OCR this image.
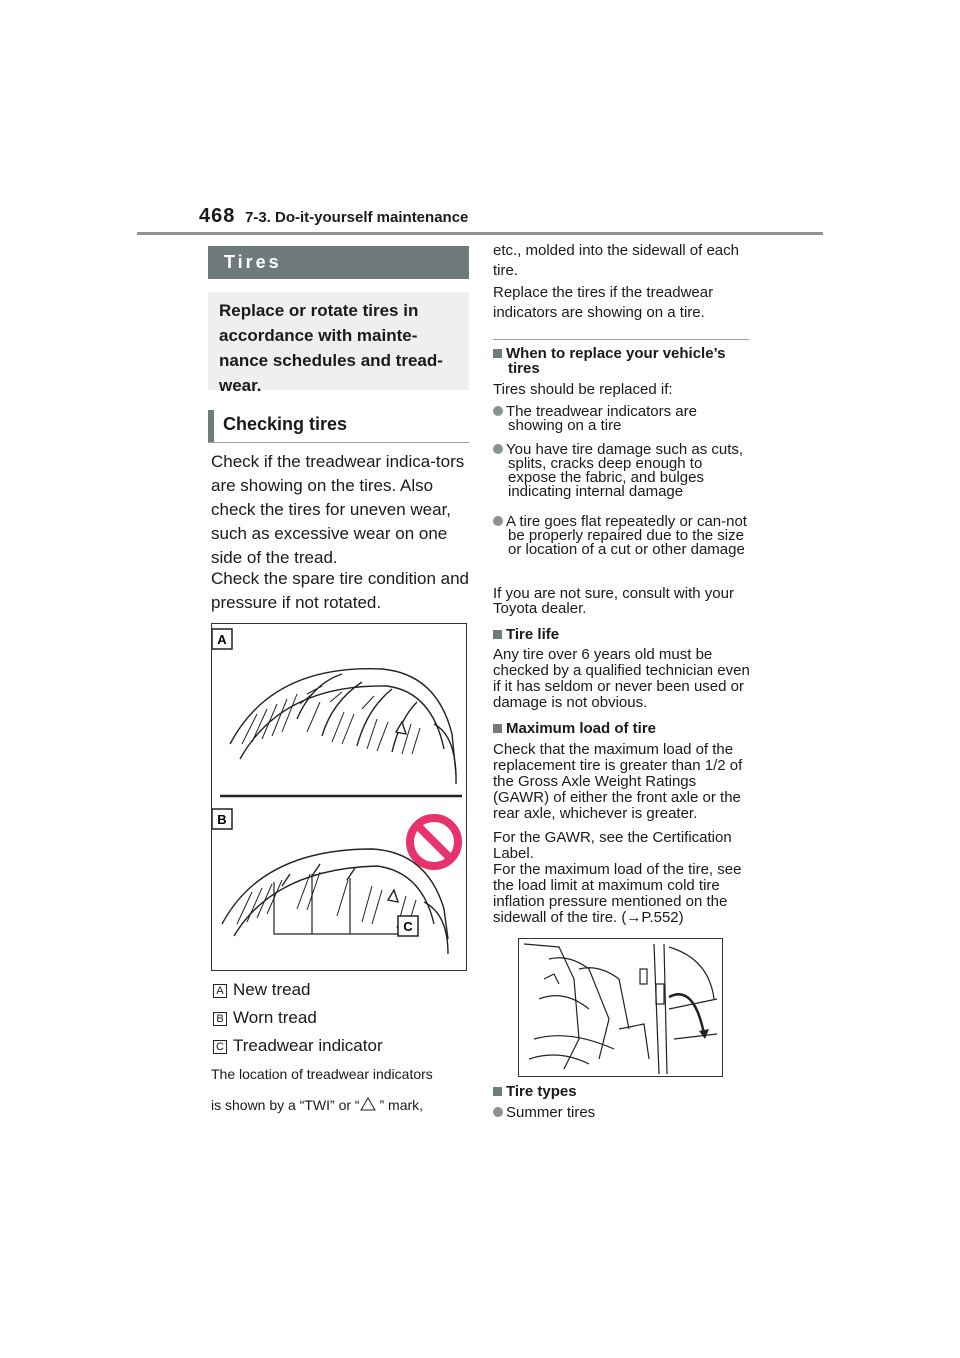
468 7-3. Do-it-yourself maintenance
Tires
Replace or rotate tires in accordance with mainte-nance schedules and tread-wear.
Checking tires
Check if the treadwear indica-tors are showing on the tires. Also check the tires for uneven wear, such as excessive wear on one side of the tread.
Check the spare tire condition and pressure if not rotated.
A
B
C
A New tread
B Worn tread
C Treadwear indicator
The location of treadwear indicators
is shown by a “TWI” or “ ” mark,
etc., molded into the sidewall of each tire.
Replace the tires if the treadwear indicators are showing on a tire.
When to replace your vehicle’s tires
Tires should be replaced if:
The treadwear indicators are showing on a tire
You have tire damage such as cuts, splits, cracks deep enough to expose the fabric, and bulges indicating internal damage
A tire goes flat repeatedly or can-not be properly repaired due to the size or location of a cut or other damage
If you are not sure, consult with your Toyota dealer.
Tire life
Any tire over 6 years old must be checked by a qualified technician even if it has seldom or never been used or damage is not obvious.
Maximum load of tire
Check that the maximum load of the replacement tire is greater than 1/2 of the Gross Axle Weight Ratings (GAWR) of either the front axle or the rear axle, whichever is greater.
For the GAWR, see the Certification Label.
For the maximum load of the tire, see the load limit at maximum cold tire inflation pressure mentioned on the sidewall of the tire. (→P.552)
Tire types
Summer tires
